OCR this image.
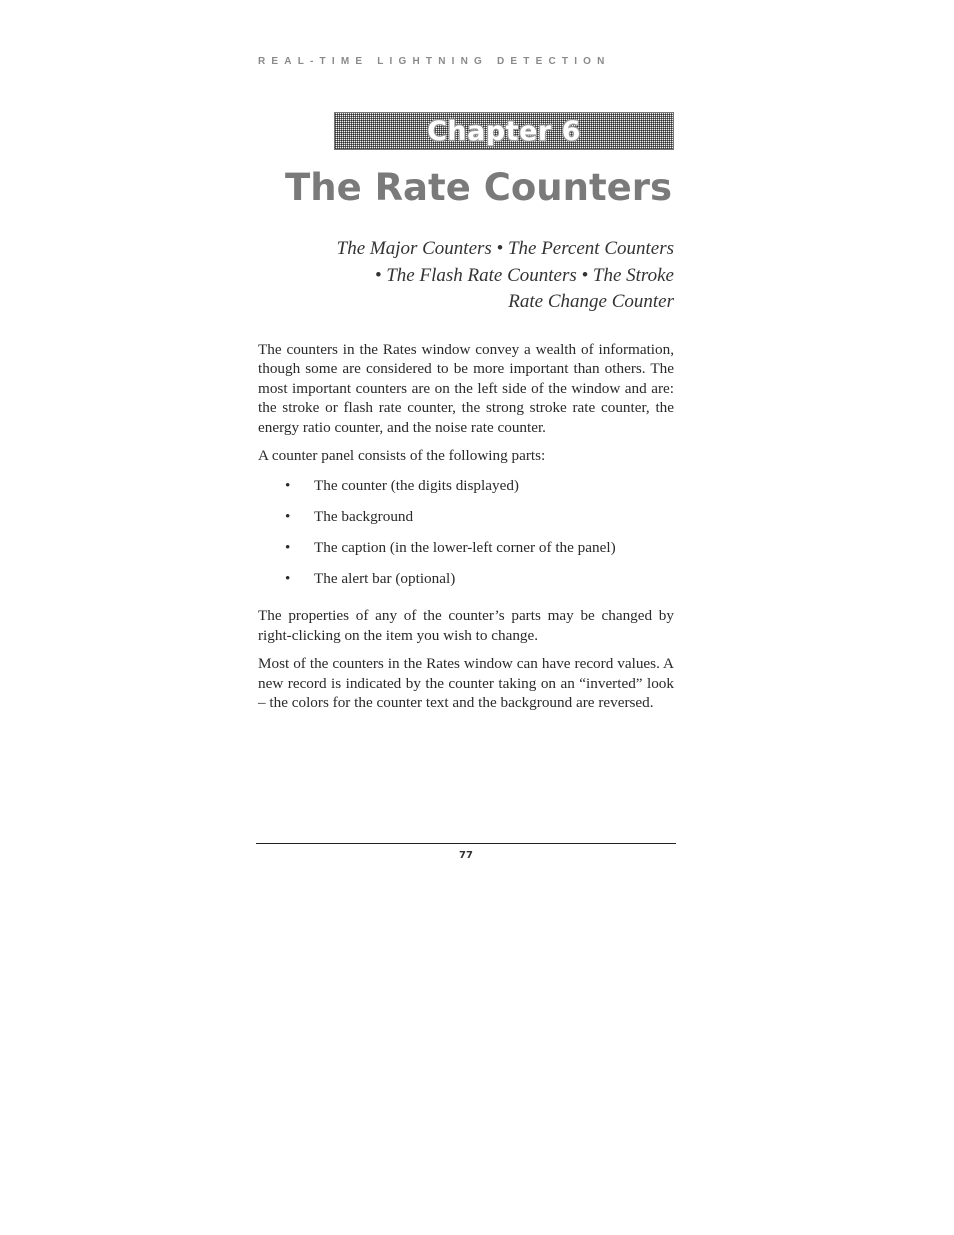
REAL-TIME LIGHTNING DETECTION
Chapter 6
The Rate Counters
The Major Counters • The Percent Counters
• The Flash Rate Counters • The Stroke
Rate Change Counter

The counters in the Rates window convey a wealth of information, though some are considered to be more important than others. The most important counters are on the left side of the window and are: the stroke or flash rate counter, the strong stroke rate counter, the energy ratio counter, and the noise rate counter.

A counter panel consists of the following parts:

• The counter (the digits displayed)
• The background
• The caption (in the lower-left corner of the panel)
• The alert bar (optional)

The properties of any of the counter’s parts may be changed by right-clicking on the item you wish to change.

Most of the counters in the Rates window can have record values. A new record is indicated by the counter taking on an “inverted” look – the colors for the counter text and the background are reversed.

77
